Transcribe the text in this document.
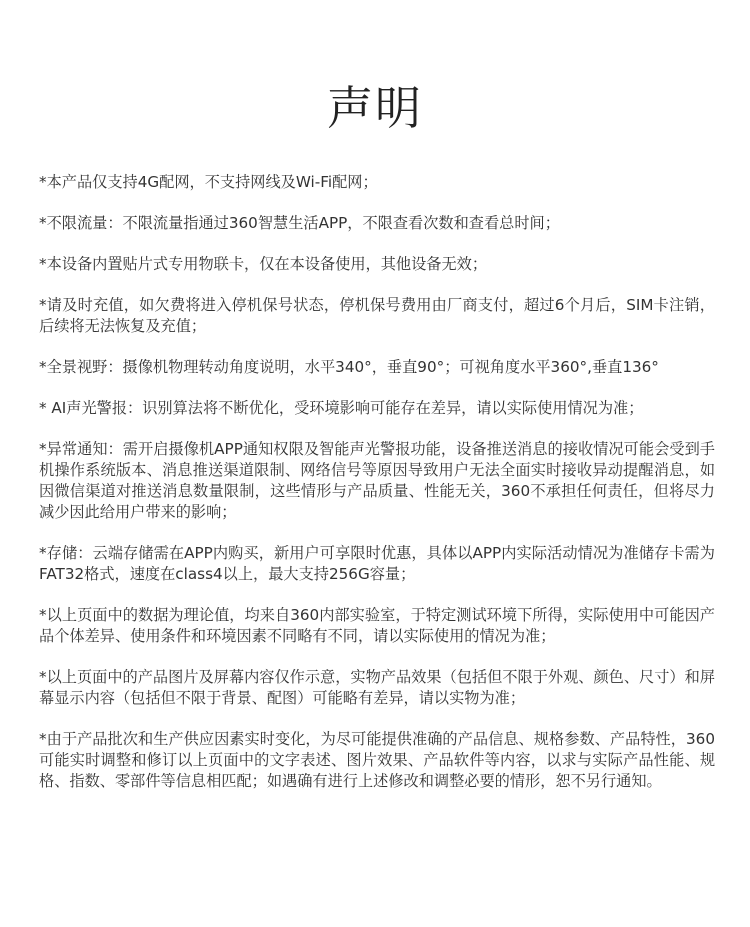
声明

*本产品仅支持4G配网，不支持网线及Wi-Fi配网；

*不限流量：不限流量指通过360智慧生活APP，不限查看次数和查看总时间；

*本设备内置贴片式专用物联卡，仅在本设备使用，其他设备无效；

*请及时充值，如欠费将进入停机保号状态，停机保号费用由厂商支付，超过6个月后，SIM卡注销，后续将无法恢复及充值；

*全景视野：摄像机物理转动角度说明，水平340°，垂直90°；可视角度水平360°,垂直136°

* AI声光警报：识别算法将不断优化，受环境影响可能存在差异，请以实际使用情况为准；

*异常通知：需开启摄像机APP通知权限及智能声光警报功能，设备推送消息的接收情况可能会受到手机操作系统版本、消息推送渠道限制、网络信号等原因导致用户无法全面实时接收异动提醒消息，如因微信渠道对推送消息数量限制，这些情形与产品质量、性能无关，360不承担任何责任，但将尽力减少因此给用户带来的影响；

*存储：云端存储需在APP内购买，新用户可享限时优惠，具体以APP内实际活动情况为准储存卡需为FAT32格式，速度在class4以上，最大支持256G容量；

*以上页面中的数据为理论值，均来自360内部实验室，于特定测试环境下所得，实际使用中可能因产品个体差异、使用条件和环境因素不同略有不同，请以实际使用的情况为准；

*以上页面中的产品图片及屏幕内容仅作示意，实物产品效果（包括但不限于外观、颜色、尺寸）和屏幕显示内容（包括但不限于背景、配图）可能略有差异，请以实物为准；

*由于产品批次和生产供应因素实时变化，为尽可能提供准确的产品信息、规格参数、产品特性，360可能实时调整和修订以上页面中的文字表述、图片效果、产品软件等内容，以求与实际产品性能、规格、指数、零部件等信息相匹配；如遇确有进行上述修改和调整必要的情形，恕不另行通知。
